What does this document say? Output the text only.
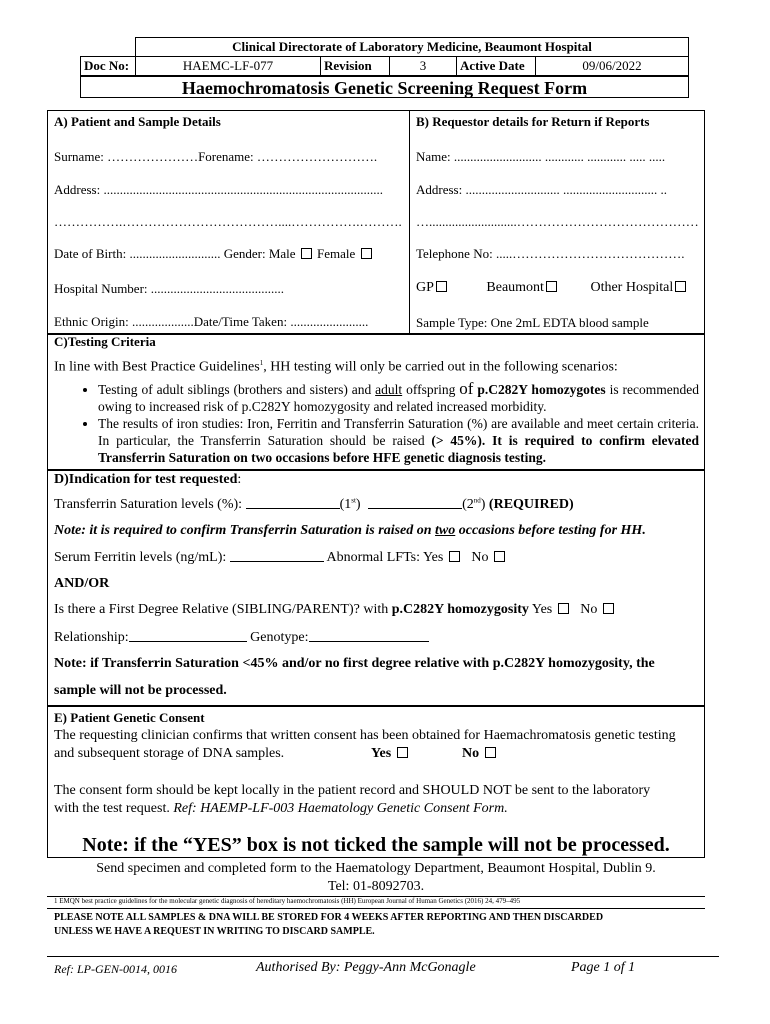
	Clinical Directorate of Laboratory Medicine, Beaumont Hospital				
Doc No:	HAEMC-LF-077	Revision	3	Active Date	09/06/2022
Haemochromatosis Genetic Screening Request Form
A) Patient and Sample Details
Surname: …………………Forename: ……………………….
Address: ......................................................................................
…………….………………………………....…………….……….
Date of Birth: ............................ Gender: Male Female
Hospital Number: .........................................
Ethnic Origin: ...................Date/Time Taken: ........................
B) Requestor details for Return if Reports
Name: ........................... ............ ............ ..... .....
Address: ............................. ............................. ..
…...........................……………………………………
Telephone No: .....………………………………….
GP	Beaumont	Other Hospital
Sample Type: One 2mL EDTA blood sample
C)Testing Criteria
In line with Best Practice Guidelines$^1$, HH testing will only be carried out in the following scenarios:
• Testing of adult siblings (brothers and sisters) and adult offspring of p.C282Y homozygotes is recommended owing to increased risk of p.C282Y homozygosity and related increased morbidity.
• The results of iron studies: Iron, Ferritin and Transferrin Saturation (%) are available and meet certain criteria. In particular, the Transferrin Saturation should be raised (> 45%). It is required to confirm elevated Transferrin Saturation on two occasions before HFE genetic diagnosis testing.
D)Indication for test requested:
Transferrin Saturation levels (%):	(1st)	(2nd) (REQUIRED)
Note: it is required to confirm Transferrin Saturation is raised on two occasions before testing for HH.
Serum Ferritin levels (ng/mL):	Abnormal LFTs: Yes No
AND/OR
Is there a First Degree Relative (SIBLING/PARENT)? with p.C282Y homozygosity Yes No
Relationship:	Genotype:
Note: if Transferrin Saturation <45% and/or no first degree relative with p.C282Y homozygosity, the
sample will not be processed.
E) Patient Genetic Consent
The requesting clinician confirms that written consent has been obtained for Haemachromatosis genetic testing
and subsequent storage of DNA samples.	Yes	No
The consent form should be kept locally in the patient record and SHOULD NOT be sent to the laboratory
with the test request. Ref: HAEMP-LF-003 Haematology Genetic Consent Form.
Note: if the “YES” box is not ticked the sample will not be processed.
Send specimen and completed form to the Haematology Department, Beaumont Hospital, Dublin 9.
Tel: 01-8092703.
1 EMQN best practice guidelines for the molecular genetic diagnosis of hereditary haemochromatosis (HH) European Journal of Human Genetics (2016) 24, 479–495
PLEASE NOTE ALL SAMPLES & DNA WILL BE STORED FOR 4 WEEKS AFTER REPORTING AND THEN DISCARDED
UNLESS WE HAVE A REQUEST IN WRITING TO DISCARD SAMPLE.
Ref: LP-GEN-0014, 0016	Authorised By: Peggy-Ann McGonagle	Page 1 of 1
